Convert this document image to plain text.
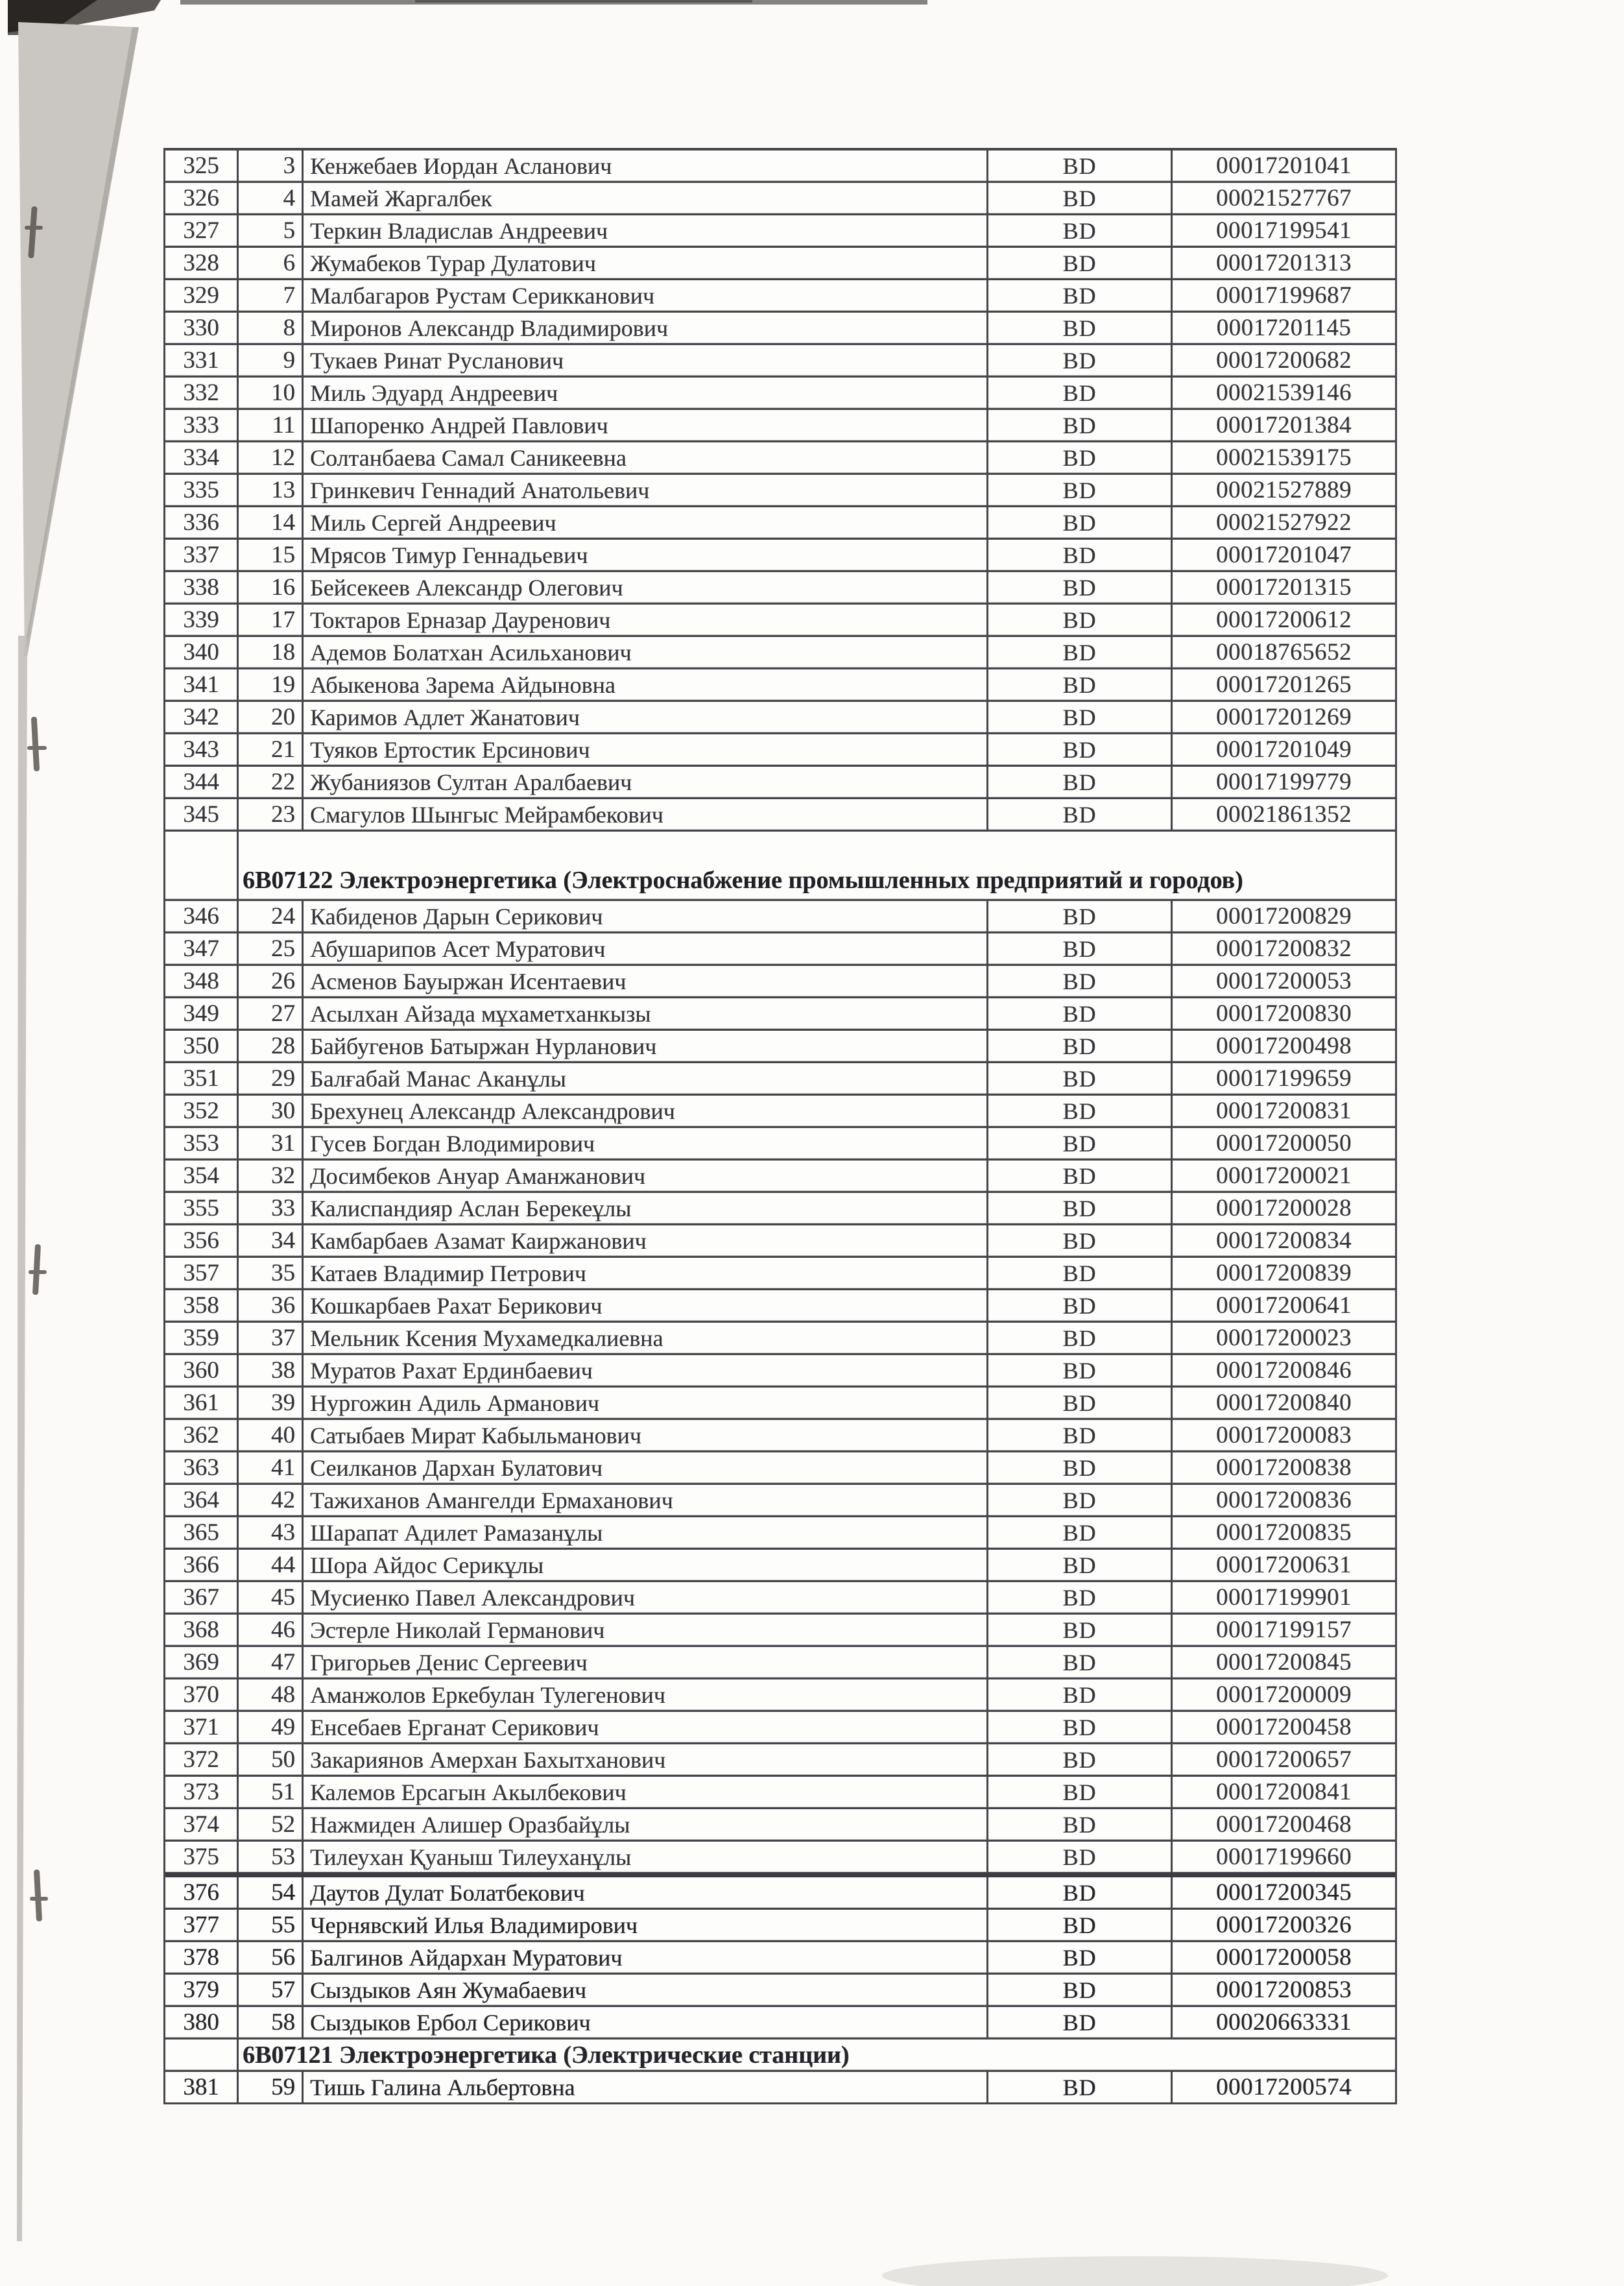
325	3 Кенжебаев Иордан Асланович	BD	00017201041
326	4 Мамей Жаргалбек	BD	00021527767
327	5 Теркин Владислав Андреевич	BD	00017199541
328	6 Жумабеков Турар Дулатович	BD	00017201313
329	7 Малбагаров Рустам Серикканович	BD	00017199687
330	8 Миронов Александр Владимирович	BD	00017201145
331	9 Тукаев Ринат Русланович	BD	00017200682
332	10 Миль Эдуард Андреевич	BD	00021539146
333	11 Шапоренко Андрей Павлович	BD	00017201384
334	12 Солтанбаева Самал Саникеевна	BD	00021539175
335	13 Гринкевич Геннадий Анатольевич	BD	00021527889
336	14 Миль Сергей Андреевич	BD	00021527922
337	15 Мрясов Тимур Геннадьевич	BD	00017201047
338	16 Бейсекеев Александр Олегович	BD	00017201315
339	17 Токтаров Ерназар Дауренович	BD	00017200612
340	18 Адемов Болатхан Асильханович	BD	00018765652
341	19 Абыкенова Зарема Айдыновна	BD	00017201265
342	20 Каримов Адлет Жанатович	BD	00017201269
343	21 Туяков Ертостик Ерсинович	BD	00017201049
344	22 Жубаниязов Султан Аралбаевич	BD	00017199779
345	23 Смагулов Шынгыс Мейрамбекович	BD	00021861352
6В07122 Электроэнергетика (Электроснабжение промышленных предприятий и городов)
346	24 Кабиденов Дарын Серикович	BD	00017200829
347	25 Абушарипов Асет Муратович	BD	00017200832
348	26 Асменов Бауыржан Исентаевич	BD	00017200053
349	27 Асылхан Айзада мұхаметханкызы	BD	00017200830
350	28 Байбугенов Батыржан Нурланович	BD	00017200498
351	29 Балғабай Манас Аканұлы	BD	00017199659
352	30 Брехунец Александр Александрович	BD	00017200831
353	31 Гусев Богдан Влодимирович	BD	00017200050
354	32 Досимбеков Ануар Аманжанович	BD	00017200021
355	33 Калиспандияр Аслан Берекеұлы	BD	00017200028
356	34 Камбарбаев Азамат Каиржанович	BD	00017200834
357	35 Катаев Владимир Петрович	BD	00017200839
358	36 Кошкарбаев Рахат Берикович	BD	00017200641
359	37 Мельник Ксения Мухамедкалиевна	BD	00017200023
360	38 Муратов Рахат Ердинбаевич	BD	00017200846
361	39 Нургожин Адиль Арманович	BD	00017200840
362	40 Сатыбаев Мират Кабыльманович	BD	00017200083
363	41 Сеилканов Дархан Булатович	BD	00017200838
364	42 Тажиханов Амангелди Ермаханович	BD	00017200836
365	43 Шарапат Адилет Рамазанұлы	BD	00017200835
366	44 Шора Айдос Серикұлы	BD	00017200631
367	45 Мусиенко Павел Александрович	BD	00017199901
368	46 Эстерле Николай Германович	BD	00017199157
369	47 Григорьев Денис Сергеевич	BD	00017200845
370	48 Аманжолов Еркебулан Тулегенович	BD	00017200009
371	49 Енсебаев Ерганат Серикович	BD	00017200458
372	50 Закариянов Амерхан Бахытханович	BD	00017200657
373	51 Калемов Ерсагын Акылбекович	BD	00017200841
374	52 Нажмиден Алишер Оразбайұлы	BD	00017200468
375	53 Тилеухан Қуаныш Тилеуханұлы	BD	00017199660
376	54 Даутов Дулат Болатбекович	BD	00017200345
377	55 Чернявский Илья Владимирович	BD	00017200326
378	56 Балгинов Айдархан Муратович	BD	00017200058
379	57 Сыздыков Аян Жумабаевич	BD	00017200853
380	58 Сыздыков Ербол Серикович	BD	00020663331
6В07121 Электроэнергетика (Электрические станции)
381	59 Тишь Галина Альбертовна	BD	00017200574
